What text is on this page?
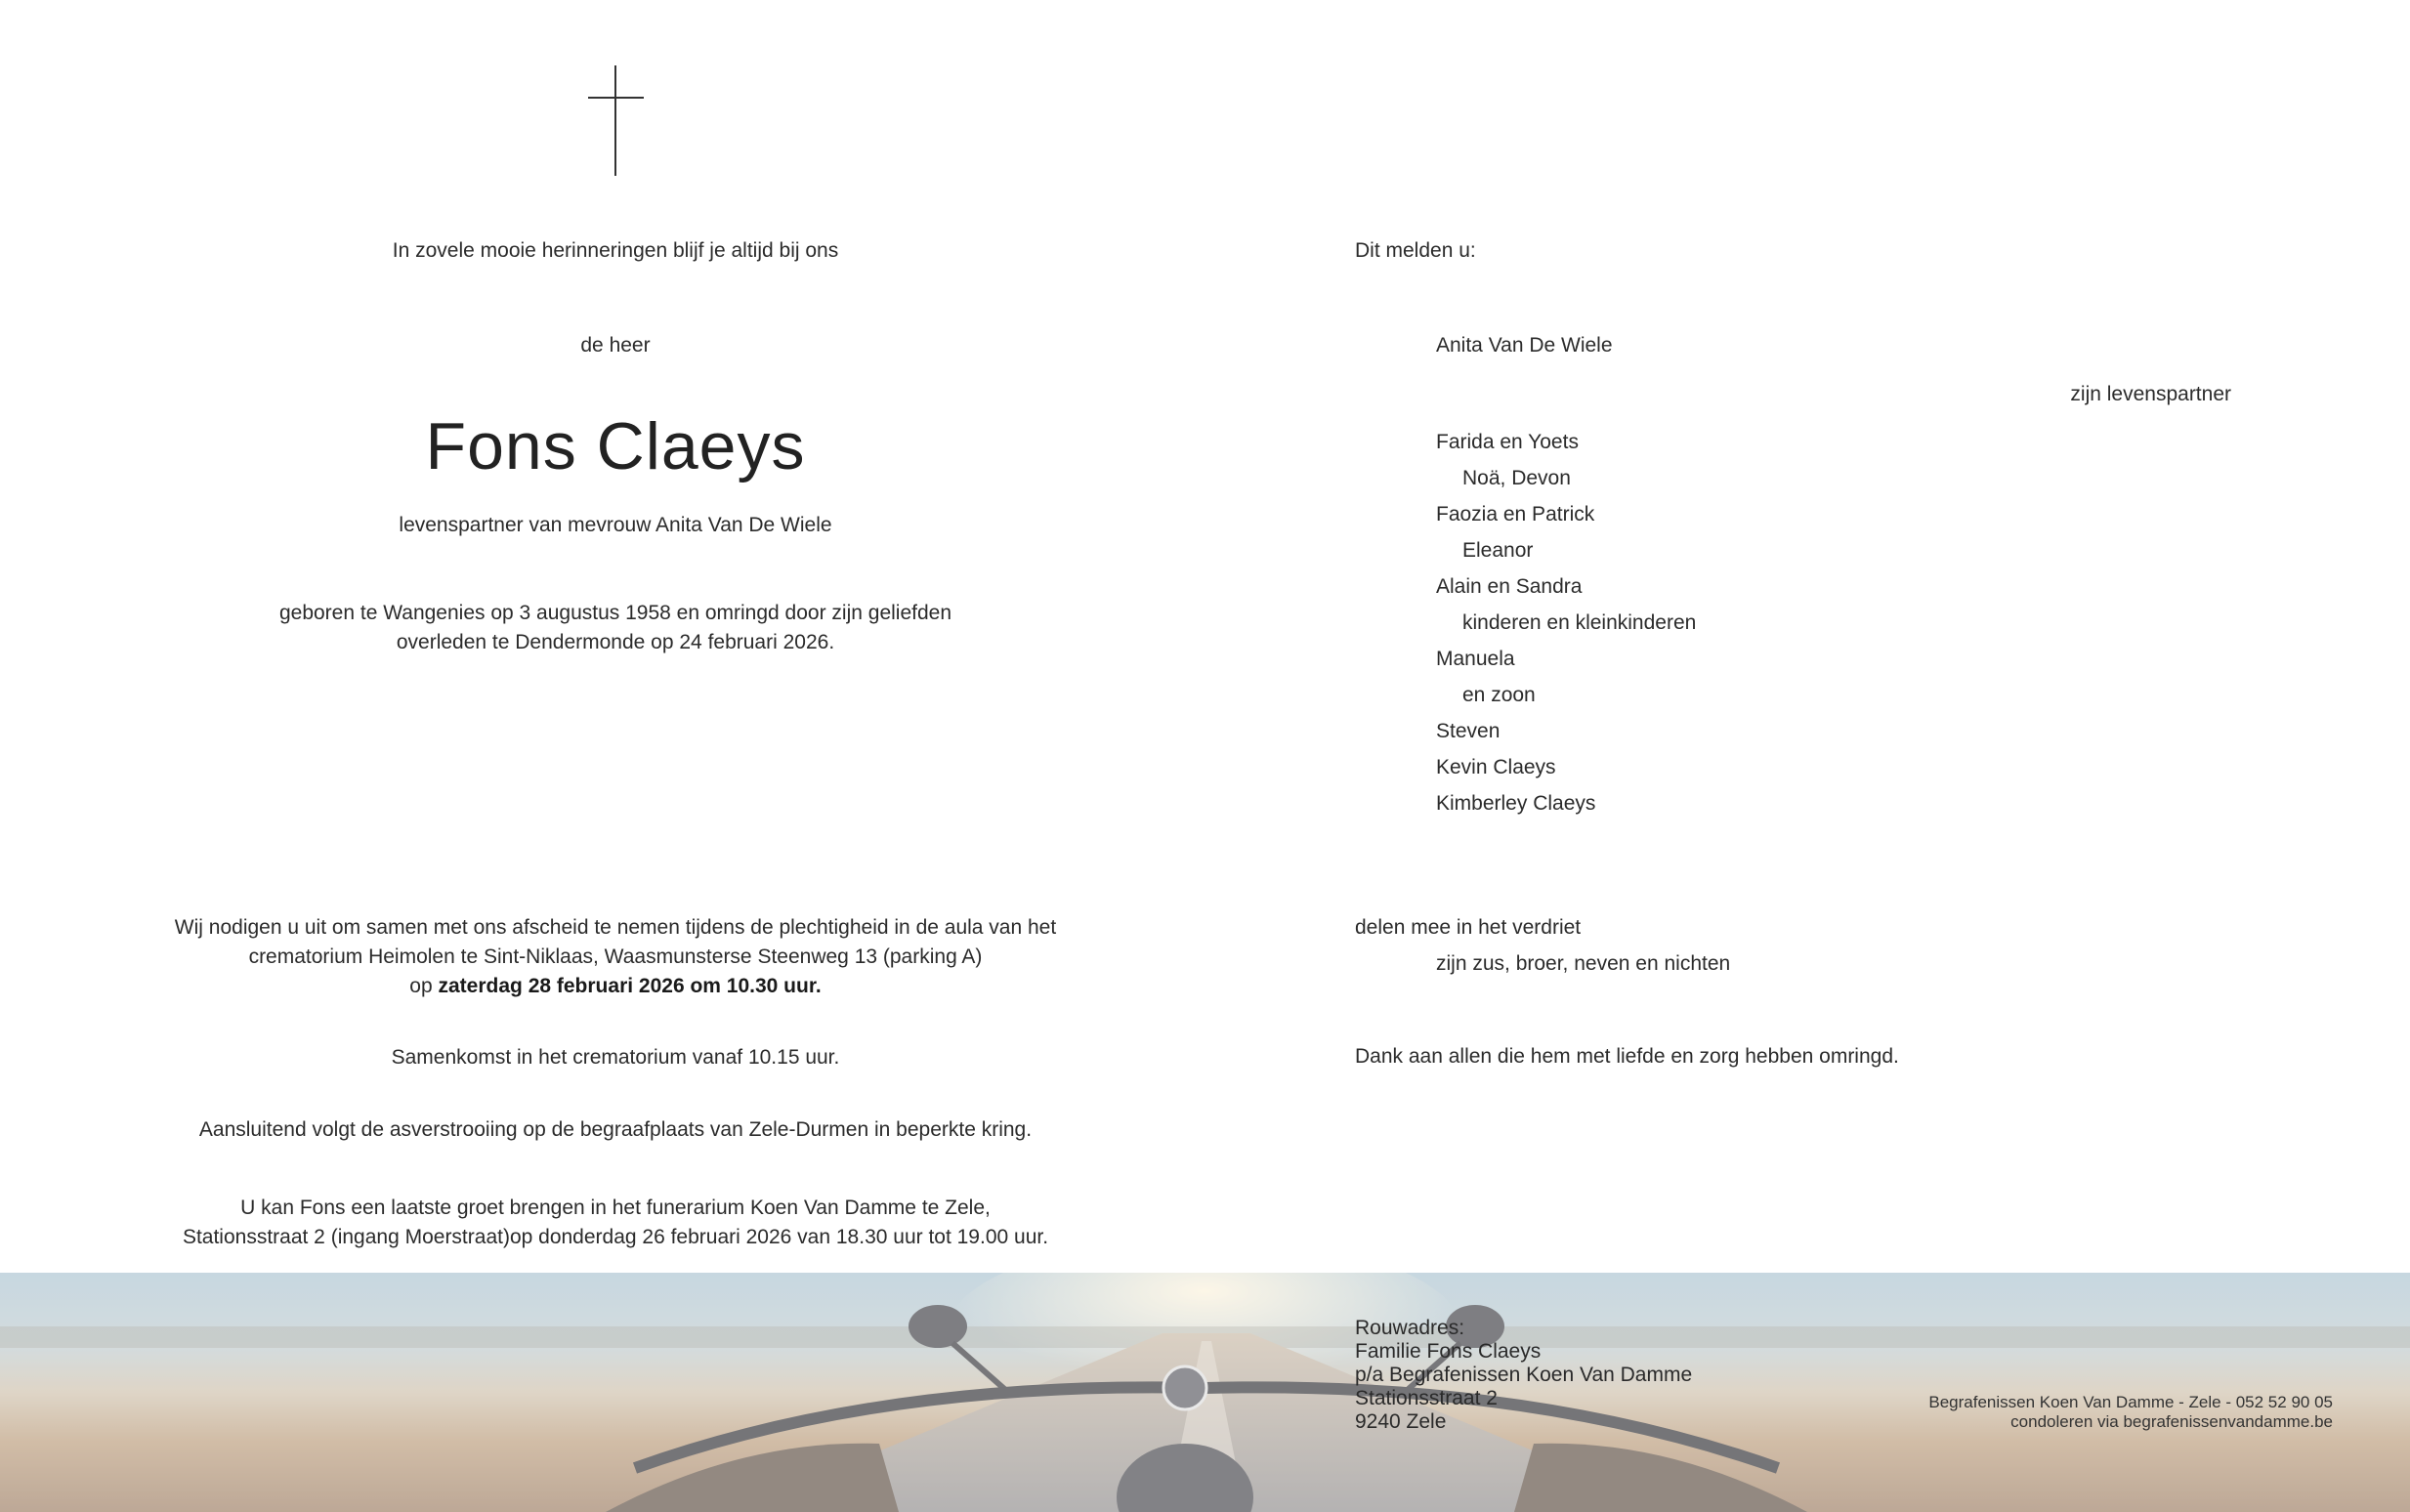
In zovele mooie herinneringen blijf je altijd bij ons
de heer
Fons Claeys
levenspartner van mevrouw Anita Van De Wiele
geboren te Wangenies op 3 augustus 1958 en omringd door zijn geliefden
overleden te Dendermonde op 24 februari 2026.
Wij nodigen u uit om samen met ons afscheid te nemen tijdens de plechtigheid in de aula van het
crematorium Heimolen te Sint-Niklaas, Waasmunsterse Steenweg 13 (parking A)
op zaterdag 28 februari 2026 om 10.30 uur.
Samenkomst in het crematorium vanaf 10.15 uur.
Aansluitend volgt de asverstrooiing op de begraafplaats van Zele-Durmen in beperkte kring.
U kan Fons een laatste groet brengen in het funerarium Koen Van Damme te Zele,
Stationsstraat 2 (ingang Moerstraat)op donderdag 26 februari 2026 van 18.30 uur tot 19.00 uur.
Dit melden u:
Anita Van De Wiele
zijn levenspartner
Farida en Yoets
Noä, Devon
Faozia en Patrick
Eleanor
Alain en Sandra
kinderen en kleinkinderen
Manuela
en zoon
Steven
Kevin Claeys
Kimberley Claeys
delen mee in het verdriet
zijn zus, broer, neven en nichten
Dank aan allen die hem met liefde en zorg hebben omringd.
Rouwadres:
Familie Fons Claeys
p/a Begrafenissen Koen Van Damme
Stationsstraat 2
9240 Zele
Begrafenissen Koen Van Damme - Zele - 052 52 90 05
condoleren via begrafenissenvandamme.be
